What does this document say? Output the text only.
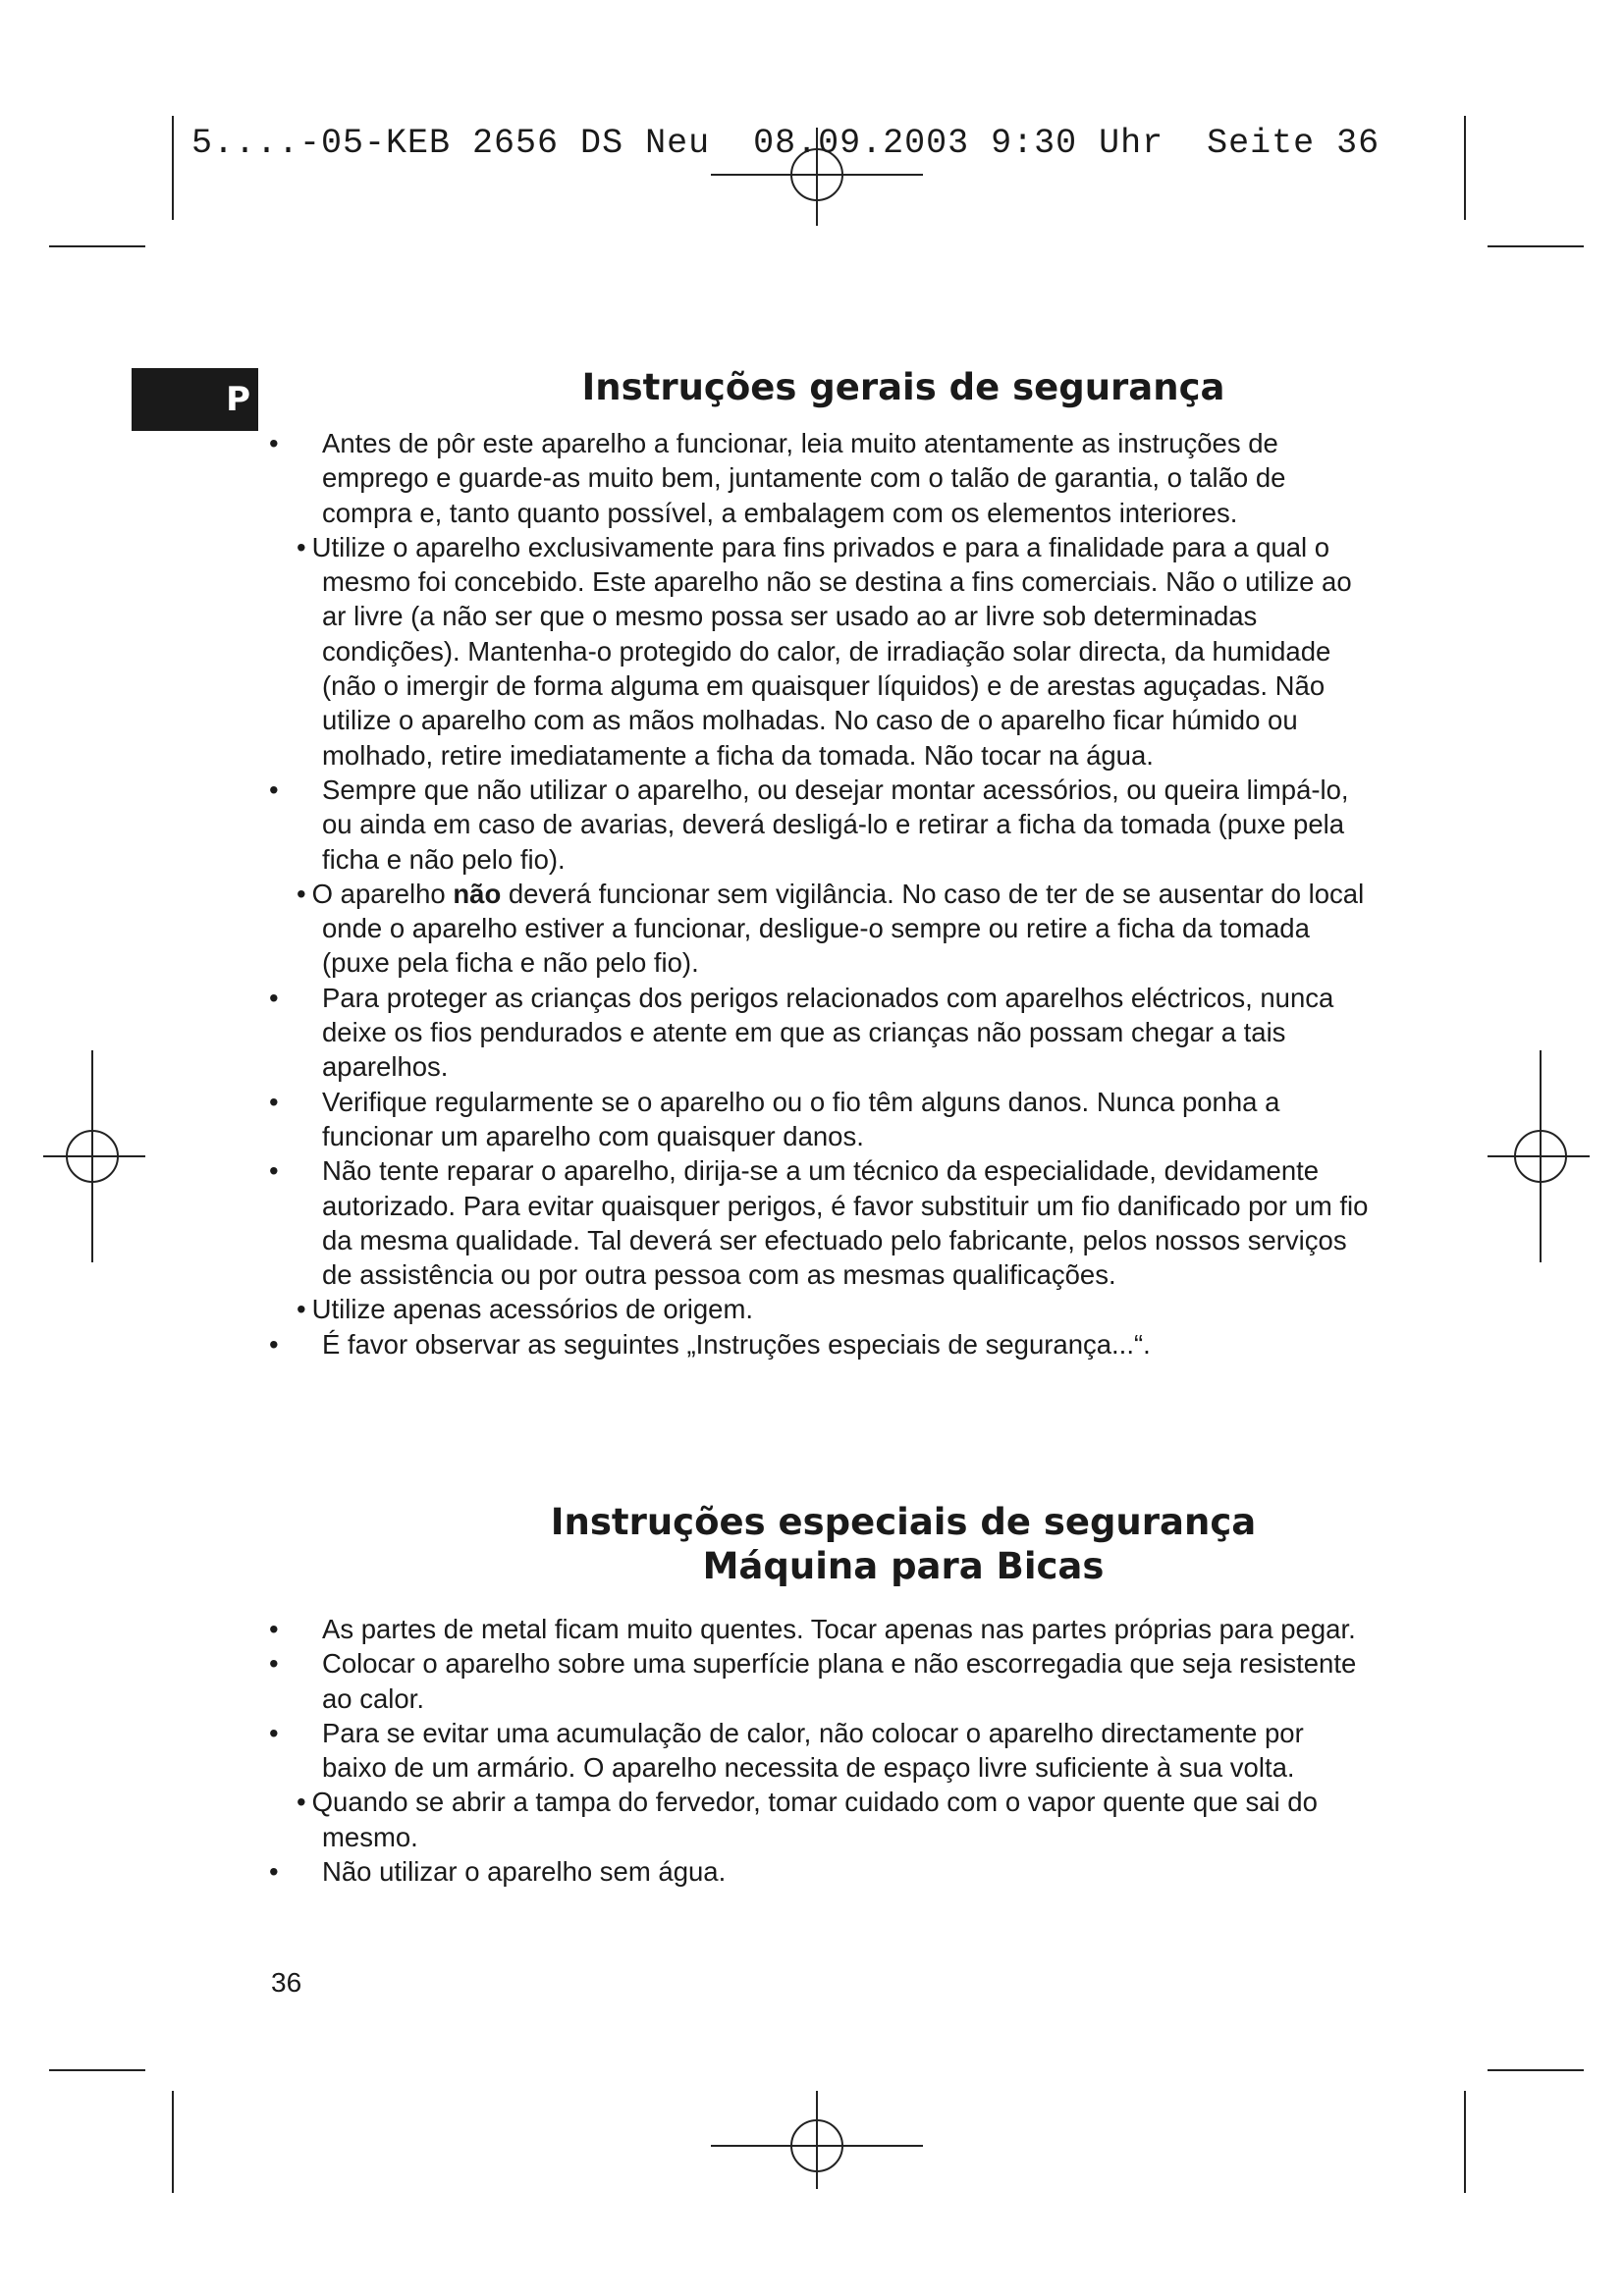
5....-05-KEB 2656 DS Neu  08.09.2003 9:30 Uhr  Seite 36
P	Instruções gerais de segurança
• Antes de pôr este aparelho a funcionar, leia muito atentamente as instruções de emprego e guarde-as muito bem, juntamente com o talão de garantia, o talão de compra e, tanto quanto possível, a embalagem com os elementos interiores.
• Utilize o aparelho exclusivamente para fins privados e para a finalidade para a qual o mesmo foi concebido. Este aparelho não se destina a fins comerciais. Não o utilize ao ar livre (a não ser que o mesmo possa ser usado ao ar livre sob determinadas condições). Mantenha-o protegido do calor, de irradiação solar directa, da humidade (não o imergir de forma alguma em quaisquer líquidos) e de arestas aguçadas. Não utilize o aparelho com as mãos molhadas. No caso de o aparelho ficar húmido ou molhado, retire imediatamente a ficha da tomada. Não tocar na água.
• Sempre que não utilizar o aparelho, ou desejar montar acessórios, ou queira limpá-lo, ou ainda em caso de avarias, deverá desligá-lo e retirar a ficha da tomada (puxe pela ficha e não pelo fio).
• O aparelho não deverá funcionar sem vigilância. No caso de ter de se ausentar do local onde o aparelho estiver a funcionar, desligue-o sempre ou retire a ficha da tomada (puxe pela ficha e não pelo fio).
• Para proteger as crianças dos perigos relacionados com aparelhos eléctricos, nunca deixe os fios pendurados e atente em que as crianças não possam chegar a tais aparelhos.
• Verifique regularmente se o aparelho ou o fio têm alguns danos. Nunca ponha a funcionar um aparelho com quaisquer danos.
• Não tente reparar o aparelho, dirija-se a um técnico da especialidade, devidamente autorizado. Para evitar quaisquer perigos, é favor substituir um fio danificado por um fio da mesma qualidade. Tal deverá ser efectuado pelo fabricante, pelos nossos serviços de assistência ou por outra pessoa com as mesmas qualificações.
• Utilize apenas acessórios de origem.
• É favor observar as seguintes „Instruções especiais de segurança...“.
Instruções especiais de segurança
Máquina para Bicas
• As partes de metal ficam muito quentes. Tocar apenas nas partes próprias para pegar.
• Colocar o aparelho sobre uma superfície plana e não escorregadia que seja resistente ao calor.
• Para se evitar uma acumulação de calor, não colocar o aparelho directamente por baixo de um armário. O aparelho necessita de espaço livre suficiente à sua volta.
• Quando se abrir a tampa do fervedor, tomar cuidado com o vapor quente que sai do mesmo.
• Não utilizar o aparelho sem água.
36
